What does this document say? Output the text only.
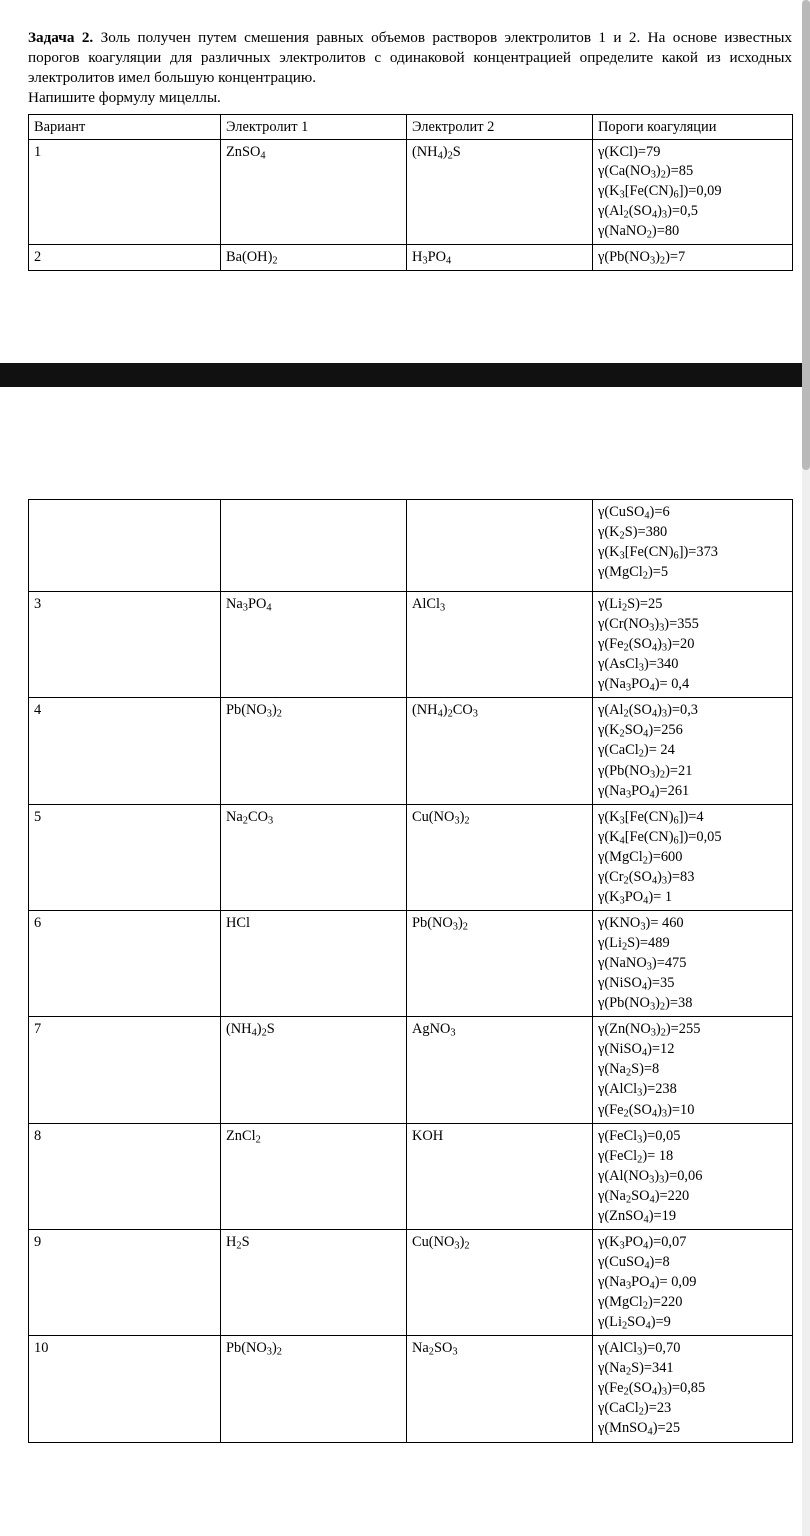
Задача 2. Золь получен путем смешения равных объемов растворов электролитов 1 и 2. На основе известных порогов коагуляции для различных электролитов с одинаковой концентрацией определите какой из исходных электролитов имел большую концентрацию.

Напишите формулу мицеллы.

Вариант	Электролит 1	Электролит 2	Пороги коагуляции
1	ZnSO$_4$	$(NH_4)_2S$	γ(KCl)=79
$\gamma(Ca(NO_3)_2)=85$
$\gamma(K_3[Fe(CN)_6])=0,09$
$\gamma(Al_2(SO_4)_3)=0,5$
γ(NaNO$_2$)=80

2	$Ba(OH)_2$	$H_3PO_4$	$\gamma(Pb(NO_3)_2)=7$

			γ(CuSO$_4$)=6
$\gamma(K_2S)=380$
$\gamma(K_3[Fe(CN)_6])=373$
γ(MgCl$_2$)=5

3	$Na_3PO_4$	AlCl$_3$	$\gamma(Li_2S)=25$
$\gamma(Cr(NO_3)_3)=355$
$\gamma(Fe_2(SO_4)_3)=20$
γ(AsCl$_3$)=340
$\gamma(Na_3PO_4)= 0,4$

4	$Pb(NO_3)_2$	$(NH_4)_2CO_3$	$\gamma(Al_2(SO_4)_3)=0,3$
$\gamma(K_2SO_4)=256$
γ(CaCl$_2$)= 24
$\gamma(Pb(NO_3)_2)=21$
$\gamma(Na_3PO_4)=261$

5	$Na_2CO_3$	$Cu(NO_3)_2$	$\gamma(K_3[Fe(CN)_6])=4$
$\gamma(K_4[Fe(CN)_6])=0,05$
γ(MgCl$_2$)=600
$\gamma(Cr_2(SO_4)_3)=83$
$\gamma(K_3PO_4)= 1$

6	HCl	$Pb(NO_3)_2$	$\gamma(KNO_3)= 460$
$\gamma(Li_2S)=489$
γ(NaNO$_3$)=475
γ(NiSO$_4$)=35
$\gamma(Pb(NO_3)_2)=38$

7	$(NH_4)_2S$	AgNO$_3$	$\gamma(Zn(NO_3)_2)=255$
γ(NiSO$_4$)=12
$\gamma(Na_2S)=8$
γ(AlCl$_3$)=238
$\gamma(Fe_2(SO_4)_3)=10$

8	ZnCl$_2$	KOH	γ(FeCl$_3$)=0,05
γ(FeCl$_2$)= 18
$\gamma(Al(NO_3)_3)=0,06$
$\gamma(Na_2SO_4)=220$
γ(ZnSO$_4$)=19

9	$H_2S$	$Cu(NO_3)_2$	$\gamma(K_3PO_4)=0,07$
γ(CuSO$_4$)=8
$\gamma(Na_3PO_4)= 0,09$
γ(MgCl$_2$)=220
$\gamma(Li_2SO_4)=9$

10	$Pb(NO_3)_2$	$Na_2SO_3$	γ(AlCl$_3$)=0,70
$\gamma(Na_2S)=341$
$\gamma(Fe_2(SO_4)_3)=0,85$
γ(CaCl$_2$)=23
γ(MnSO$_4$)=25
